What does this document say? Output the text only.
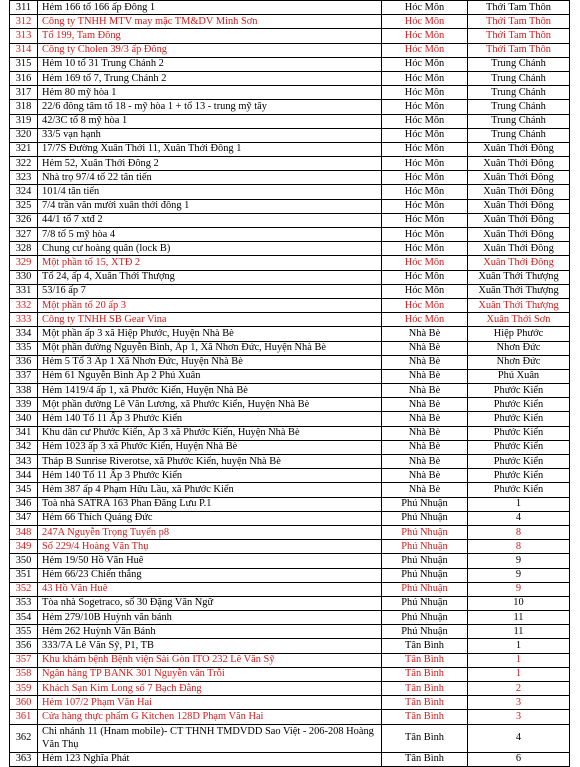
311	Hẻm 166 tổ 166 ấp Đông 1	Hóc Môn	Thới Tam Thôn
312	Công ty TNHH MTV may mặc TM&DV Minh Sơn	Hóc Môn	Thới Tam Thôn
313	Tổ 199, Tam Đông	Hóc Môn	Thới Tam Thôn
314	Công ty Cholen 39/3 ấp Đông	Hóc Môn	Thới Tam Thôn
315	Hẻm 10 tổ 31 Trung Chánh 2	Hóc Môn	Trung Chánh
316	Hẻm 169 tổ 7, Trung Chánh 2	Hóc Môn	Trung Chánh
317	Hẻm 80 mỹ hòa 1	Hóc Môn	Trung Chánh
318	22/6 đông tâm tổ 18 - mỹ hòa 1 + tổ 13 - trung mỹ tây	Hóc Môn	Trung Chánh
319	42/3C tổ 8 mỹ hòa 1	Hóc Môn	Trung Chánh
320	33/5 vạn hạnh	Hóc Môn	Trung Chánh
321	17/7S Đường Xuân Thới 11, Xuân Thới Đông 1	Hóc Môn	Xuân Thới Đông
322	Hẻm 52, Xuân Thới Đông 2	Hóc Môn	Xuân Thới Đông
323	Nhà trọ 97/4 tổ 22 tân tiến	Hóc Môn	Xuân Thới Đông
324	101/4 tân tiến	Hóc Môn	Xuân Thới Đông
325	7/4 trần văn mười xuân thới đông 1	Hóc Môn	Xuân Thới Đông
326	44/1 tổ 7 xtđ 2	Hóc Môn	Xuân Thới Đông
327	7/8 tổ 5 mỹ hòa 4	Hóc Môn	Xuân Thới Đông
328	Chung cư hoàng quân (lock B)	Hóc Môn	Xuân Thới Đông
329	Một phần tổ 15, XTĐ 2	Hóc Môn	Xuân Thới Đông
330	Tổ 24, ấp 4, Xuân Thới Thượng	Hóc Môn	Xuân Thới Thượng
331	53/16 ấp 7	Hóc Môn	Xuân Thới Thượng
332	Một phần tổ 20 ấp 3	Hóc Môn	Xuân Thới Thượng
333	Công ty TNHH SB Gear Vina	Hóc Môn	Xuân Thới Sơn
334	Một phần ấp 3 xã Hiệp Phước, Huyện Nhà Bè	Nhà Bè	Hiệp Phước
335	Một phần đường Nguyễn Bình, Ấp 1, Xã Nhơn Đức, Huyện Nhà Bè	Nhà Bè	Nhơn Đức
336	Hẻm 5 Tổ 3 Ấp 1 Xã Nhơn Đức, Huyện Nhà Bè	Nhà Bè	Nhơn Đức
337	Hẻm 61 Nguyễn Bình Ấp 2 Phú Xuân	Nhà Bè	Phú Xuân
338	Hẻm 1419/4 ấp 1, xã Phước Kiển, Huyện Nhà Bè	Nhà Bè	Phước Kiển
339	Một phần đường Lê Văn Lương, xã Phước Kiển, Huyện Nhà Bè	Nhà Bè	Phước Kiển
340	Hẻm 140 Tổ 11 Ấp 3 Phước Kiển	Nhà Bè	Phước Kiển
341	Khu dân cư Phước Kiển, Ấp 3 xã Phước Kiển, Huyện Nhà Bè	Nhà Bè	Phước Kiển
342	Hẻm 1023 ấp 3 xã Phước Kiển, Huyện Nhà Bè	Nhà Bè	Phước Kiển
343	Tháp B Sunrise Riverotse, xã Phước Kiển, huyện Nhà Bè	Nhà Bè	Phước Kiển
344	Hẻm 140 Tổ 11 Ấp 3 Phước Kiển	Nhà Bè	Phước Kiển
345	Hẻm 387 ấp 4 Phạm Hữu Lầu, xã Phước Kiển	Nhà Bè	Phước Kiển
346	Toà nhà SATRA 163 Phan Đăng Lưu P.1	Phú Nhuận	1
347	Hẻm 66 Thích Quảng Đức	Phú Nhuận	4
348	247A Nguyễn Trọng Tuyển p8	Phú Nhuận	8
349	Số 229/4 Hoàng Văn Thụ	Phú Nhuận	8
350	Hẻm 19/50 Hồ Văn Huê	Phú Nhuận	9
351	Hẻm 66/23 Chiến thắng	Phú Nhuận	9
352	43 Hồ Văn Huê	Phú Nhuận	9
353	Tòa nhà Sogetraco, số 30 Đặng Văn Ngữ	Phú Nhuận	10
354	Hẻm 279/10B Huỳnh văn bánh	Phú Nhuận	11
355	Hẻm 262 Huỳnh Văn Bánh	Phú Nhuận	11
356	333/7A Lê Văn Sỹ, P1, TB	Tân Bình	1
357	Khu khám bệnh Bệnh viện Sài Gòn ITO 232 Lê Văn Sỹ	Tân Bình	1
358	Ngân hàng TP BANK 301 Nguyễn văn Trỗi	Tân Bình	1
359	Khách Sạn Kim Long số 7 Bạch Đằng	Tân Bình	2
360	Hẻm 107/2 Phạm Văn Hai	Tân Bình	3
361	Cửa hàng thực phẩm G Kitchen 128D Phạm Văn Hai	Tân Bình	3
362	Chi nhánh 11 (Hnam mobile)- CT THNH TMDVDD Sao Việt - 206-208 Hoàng Văn Thụ	Tân Bình	4
363	Hẻm 123 Nghĩa Phát	Tân Bình	6
